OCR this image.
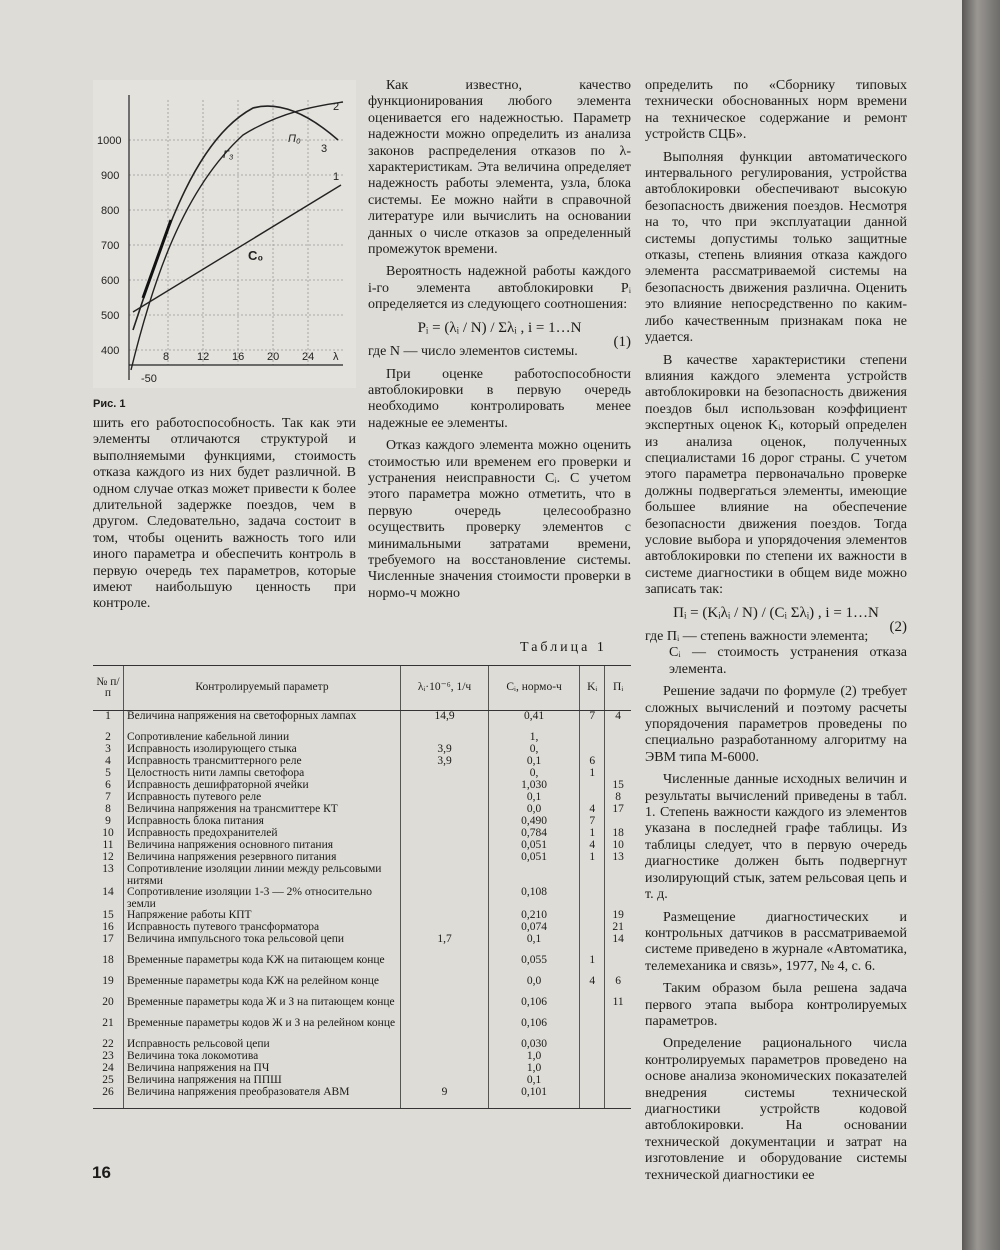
1000
900
800
700
600
500
400	8	12 16 20 24 λ
Г₃
П₀
3
2
1
С₀
-50
Рис. 1

шить его работоспособность. Так как эти элементы отличаются структурой и выполняемыми функциями, стоимость отказа каждого из них будет различной. В одном случае отказ может привести к более длительной задержке поездов, чем в другом. Следовательно, задача состоит в том, чтобы оценить важность того или иного параметра и обеспечить контроль в первую очередь тех параметров, которые имеют наибольшую ценность при контроле.

Как известно, качество функционирования любого элемента оценивается его надежностью. Параметр надежности можно определить из анализа законов распределения отказов по λ-характеристикам. Эта величина определяет надежность работы элемента, узла, блока системы. Ее можно найти в справочной литературе или вычислить на основании данных о числе отказов за определенный промежуток времени.

Вероятность надежной работы каждого i-го элемента автоблокировки Pᵢ определяется из следующего соотношения:

Pᵢ = (λᵢ / N) / Σλᵢ , i = 1…N
(1)

где N — число элементов системы.

При оценке работоспособности автоблокировки в первую очередь необходимо контролировать менее надежные ее элементы.

Отказ каждого элемента можно оценить стоимостью или временем его проверки и устранения неисправности Cᵢ. С учетом этого параметра можно отметить, что в первую очередь целесообразно осуществить проверку элементов с минимальными затратами времени, требуемого на восстановление системы. Численные значения стоимости проверки в нормо-ч можно

определить по «Сборнику типовых технически обоснованных норм времени на техническое содержание и ремонт устройств СЦБ».

Выполняя функции автоматического интервального регулирования, устройства автоблокировки обеспечивают высокую безопасность движения поездов. Несмотря на то, что при эксплуатации данной системы допустимы только защитные отказы, степень влияния отказа каждого элемента рассматриваемой системы на безопасность движения различна. Оценить это влияние непосредственно по каким-либо качественным признакам пока не удается.

В качестве характеристики степени влияния каждого элемента устройств автоблокировки на безопасность движения поездов был использован коэффициент экспертных оценок Kᵢ, который определен из анализа оценок, полученных специалистами 16 дорог страны. С учетом этого параметра первоначально проверке должны подвергаться элементы, имеющие большее влияние на обеспечение безопасности движения поездов. Тогда условие выбора и упорядочения элементов автоблокировки по степени их важности в системе диагностики в общем виде можно записать так:

Пᵢ = (Kᵢλᵢ / N) / (Cᵢ Σλᵢ) , i = 1…N
(2)
где Пᵢ — степень важности элемента;
Cᵢ — стоимость устранения отказа элемента.

Решение задачи по формуле (2) требует сложных вычислений и поэтому расчеты упорядочения параметров проведены по специально разработанному алгоритму на ЭВМ типа М-6000.

Численные данные исходных величин и результаты вычислений приведены в табл. 1. Степень важности каждого из элементов указана в последней графе таблицы. Из таблицы следует, что в первую очередь диагностике должен быть подвергнут изолирующий стык, затем рельсовая цепь и т. д.

Размещение диагностических и контрольных датчиков в рассматриваемой системе приведено в журнале «Автоматика, телемеханика и связь», 1977, № 4, с. 6.

Таким образом была решена задача первого этапа выбора контролируемых параметров.

Определение рационального числа контролируемых параметров проведено на основе анализа экономических показателей внедрения системы технической диагностики устройств кодовой автоблокировки. На основании технической документации и затрат на изготовление и оборудование системы технической диагностики ее

Таблица 1
№ п/п	Контролируемый параметр	λᵢ·10⁻⁶, 1/ч	Cᵢ, нормо-ч	Kᵢ	Пᵢ
1	Величина напряжения на светофорных лампах	14,9	0,41	7	4
2	Сопротивление кабельной линии		1,		
3	Исправность изолирующего стыка	3,9	0,		
4	Исправность трансмиттерного реле	3,9	0,1	6	
5	Целостность нити лампы светофора		0,	1	
6	Исправность дешифраторной ячейки		1,030		15
7	Исправность путевого реле		0,1		8
8	Величина напряжения на трансмиттере КТ		0,0	4	17
9	Исправность блока питания		0,490	7	
10	Исправность предохранителей		0,784	1	18
11	Величина напряжения основного питания		0,051	4	10
12	Величина напряжения резервного питания		0,051	1	13
13	Сопротивление изоляции линии между рельсовыми нитями				
14	Сопротивление изоляции 1-3 — 2% относительно земли		0,108		
15	Напряжение работы КПТ		0,210		19
16	Исправность путевого трансформатора		0,074		21
17	Величина импульсного тока рельсовой цепи	1,7	0,1		14
18	Временные параметры кода КЖ на питающем конце		0,055	1	
19	Временные параметры кода КЖ на релейном конце		0,0	4	6
20	Временные параметры кода Ж и З на питающем конце		0,106		11
21	Временные параметры кодов Ж и З на релейном конце		0,106		
22	Исправность рельсовой цепи		0,030		
23	Величина тока локомотива		1,0		
24	Величина напряжения на ПЧ		1,0		
25	Величина напряжения на ППШ		0,1		
26	Величина напряжения преобразователя АВМ	9	0,101		
16
